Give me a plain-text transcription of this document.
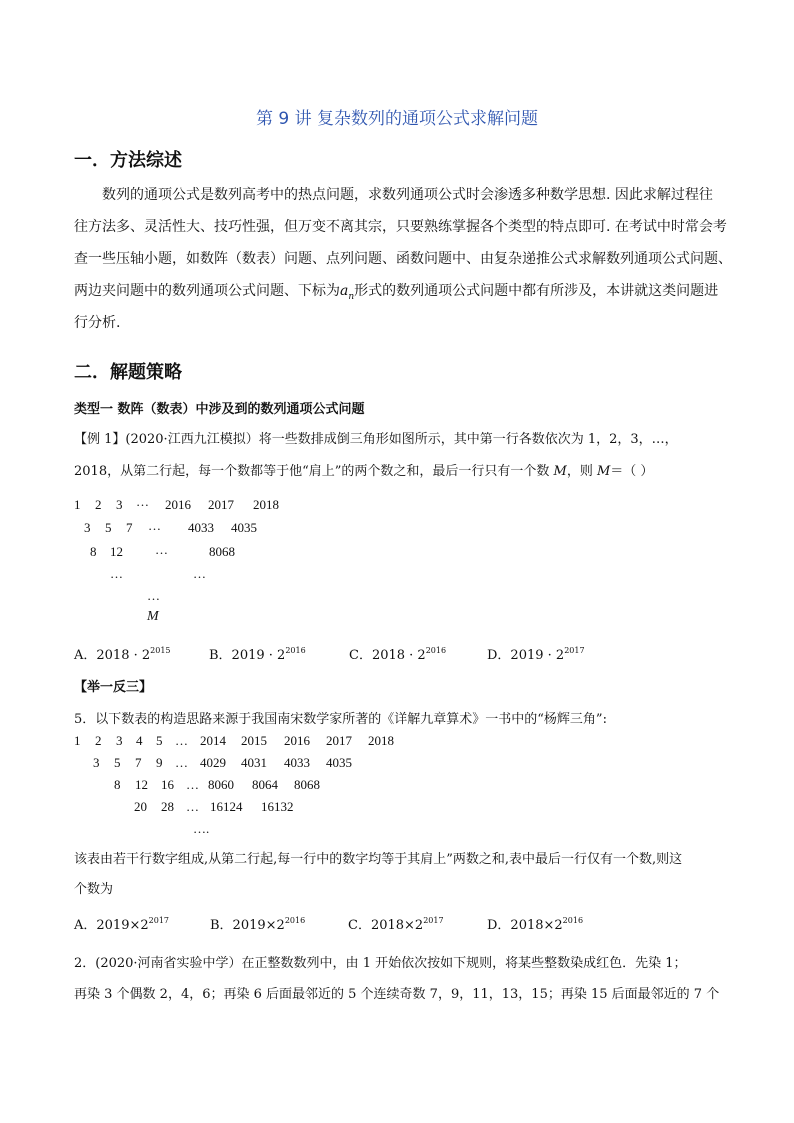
第 9 讲 复杂数列的通项公式求解问题
一．方法综述
数列的通项公式是数列高考中的热点问题，求数列通项公式时会渗透多种数学思想. 因此求解过程往
往方法多、灵活性大、技巧性强，但万变不离其宗，只要熟练掌握各个类型的特点即可. 在考试中时常会考
查一些压轴小题，如数阵（数表）问题、点列问题、函数问题中、由复杂递推公式求解数列通项公式问题、
两边夹问题中的数列通项公式问题、下标为$a_n$形式的数列通项公式问题中都有所涉及，本讲就这类问题进
行分析.
二．解题策略
类型一 数阵（数表）中涉及到的数列通项公式问题
【例 1】(2020·江西九江模拟）将一些数排成倒三角形如图所示，其中第一行各数依次为 1，2，3，…，
2018，从第二行起，每一个数都等于他“肩上”的两个数之和，最后一行只有一个数 M，则 M＝（ ）
1 2 3 … 2016 2017 2018
3 5 7 … 4033 4035
8 12 …	8068
…	…
…
M
A．$2018 \cdot 2^{2015}$	B．$2019 \cdot 2^{2016}$	C．$2018 \cdot 2^{2016}$	D．$2019 \cdot 2^{2017}$
【举一反三】
5．以下数表的构造思路来源于我国南宋数学家所著的《详解九章算术》一书中的“杨辉三角”:
1 2 3 4 5 … 2014 2015 2016 2017 2018
3 5 7 9 … 4029 4031 4033 4035
8 12 16 … 8060 8064 8068
20 28 … 16124 16132
….
该表由若干行数字组成,从第二行起,每一行中的数字均等于其肩上”两数之和,表中最后一行仅有一个数,则这
个数为
A．$2019\times 2^{2017}$	B．$2019\times 2^{2016}$	C．$2018\times 2^{2017}$	D．$2018\times 2^{2016}$
2．(2020·河南省实验中学）在正整数数列中，由 1 开始依次按如下规则，将某些整数染成红色．先染 1；
再染 3 个偶数 2，4，6；再染 6 后面最邻近的 5 个连续奇数 7，9，11，13，15；再染 15 后面最邻近的 7 个
